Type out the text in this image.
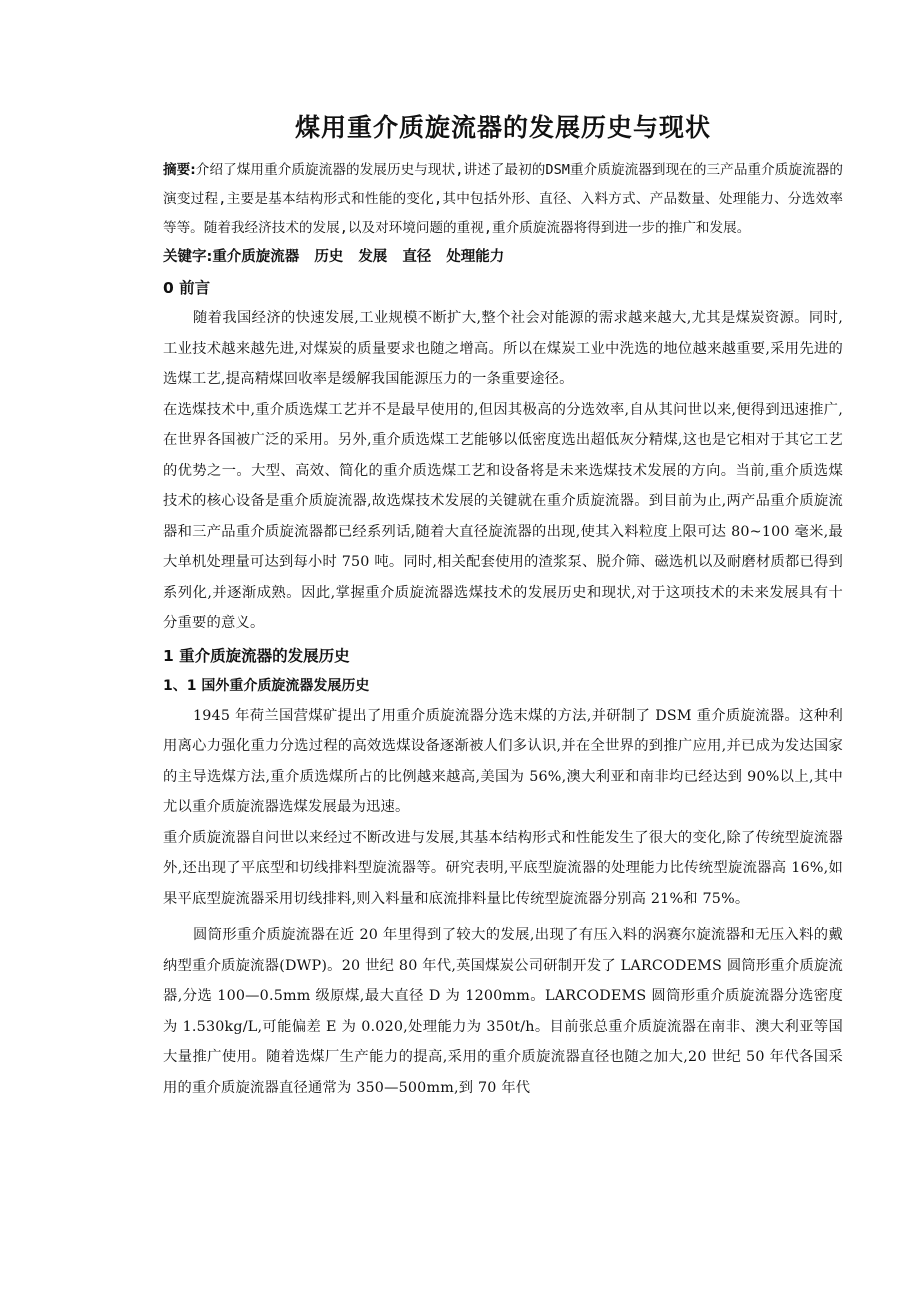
煤用重介质旋流器的发展历史与现状

摘要:介绍了煤用重介质旋流器的发展历史与现状,讲述了最初的DSM重介质旋流器到现在的三产品重介质旋流器的演变过程,主要是基本结构形式和性能的变化,其中包括外形、直径、入料方式、产品数量、处理能力、分选效率等等。随着我经济技术的发展,以及对环境问题的重视,重介质旋流器将得到进一步的推广和发展。

关键字:重介质旋流器 历史 发展 直径 处理能力

0 前言

随着我国经济的快速发展,工业规模不断扩大,整个社会对能源的需求越来越大,尤其是煤炭资源。同时,工业技术越来越先进,对煤炭的质量要求也随之增高。所以在煤炭工业中洗选的地位越来越重要,采用先进的选煤工艺,提高精煤回收率是缓解我国能源压力的一条重要途径。

在选煤技术中,重介质选煤工艺并不是最早使用的,但因其极高的分选效率,自从其问世以来,便得到迅速推广,在世界各国被广泛的采用。另外,重介质选煤工艺能够以低密度选出超低灰分精煤,这也是它相对于其它工艺的优势之一。大型、高效、简化的重介质选煤工艺和设备将是未来选煤技术发展的方向。当前,重介质选煤技术的核心设备是重介质旋流器,故选煤技术发展的关键就在重介质旋流器。到目前为止,两产品重介质旋流器和三产品重介质旋流器都已经系列话,随着大直径旋流器的出现,使其入料粒度上限可达 80~100 毫米,最大单机处理量可达到每小时 750 吨。同时,相关配套使用的渣浆泵、脱介筛、磁选机以及耐磨材质都已得到系列化,并逐渐成熟。因此,掌握重介质旋流器选煤技术的发展历史和现状,对于这项技术的未来发展具有十分重要的意义。

1 重介质旋流器的发展历史
1、1 国外重介质旋流器发展历史

1945 年荷兰国营煤矿提出了用重介质旋流器分选末煤的方法,并研制了 DSM 重介质旋流器。这种利用离心力强化重力分选过程的高效选煤设备逐渐被人们多认识,并在全世界的到推广应用,并已成为发达国家的主导选煤方法,重介质选煤所占的比例越来越高,美国为 56%,澳大利亚和南非均已经达到 90%以上,其中尤以重介质旋流器选煤发展最为迅速。

重介质旋流器自问世以来经过不断改进与发展,其基本结构形式和性能发生了很大的变化,除了传统型旋流器外,还出现了平底型和切线排料型旋流器等。研究表明,平底型旋流器的处理能力比传统型旋流器高 16%,如果平底型旋流器采用切线排料,则入料量和底流排料量比传统型旋流器分别高 21%和 75%。

圆筒形重介质旋流器在近 20 年里得到了较大的发展,出现了有压入料的涡赛尔旋流器和无压入料的戴纳型重介质旋流器(DWP)。20 世纪 80 年代,英国煤炭公司研制开发了 LARCODEMS 圆筒形重介质旋流器,分选 100—0.5mm 级原煤,最大直径 D 为 1200mm。LARCODEMS 圆筒形重介质旋流器分选密度为 1.530kg/L,可能偏差 E 为 0.020,处理能力为 350t/h。目前张总重介质旋流器在南非、澳大利亚等国大量推广使用。随着选煤厂生产能力的提高,采用的重介质旋流器直径也随之加大,20 世纪 50 年代各国采用的重介质旋流器直径通常为 350—500mm,到 70 年代
